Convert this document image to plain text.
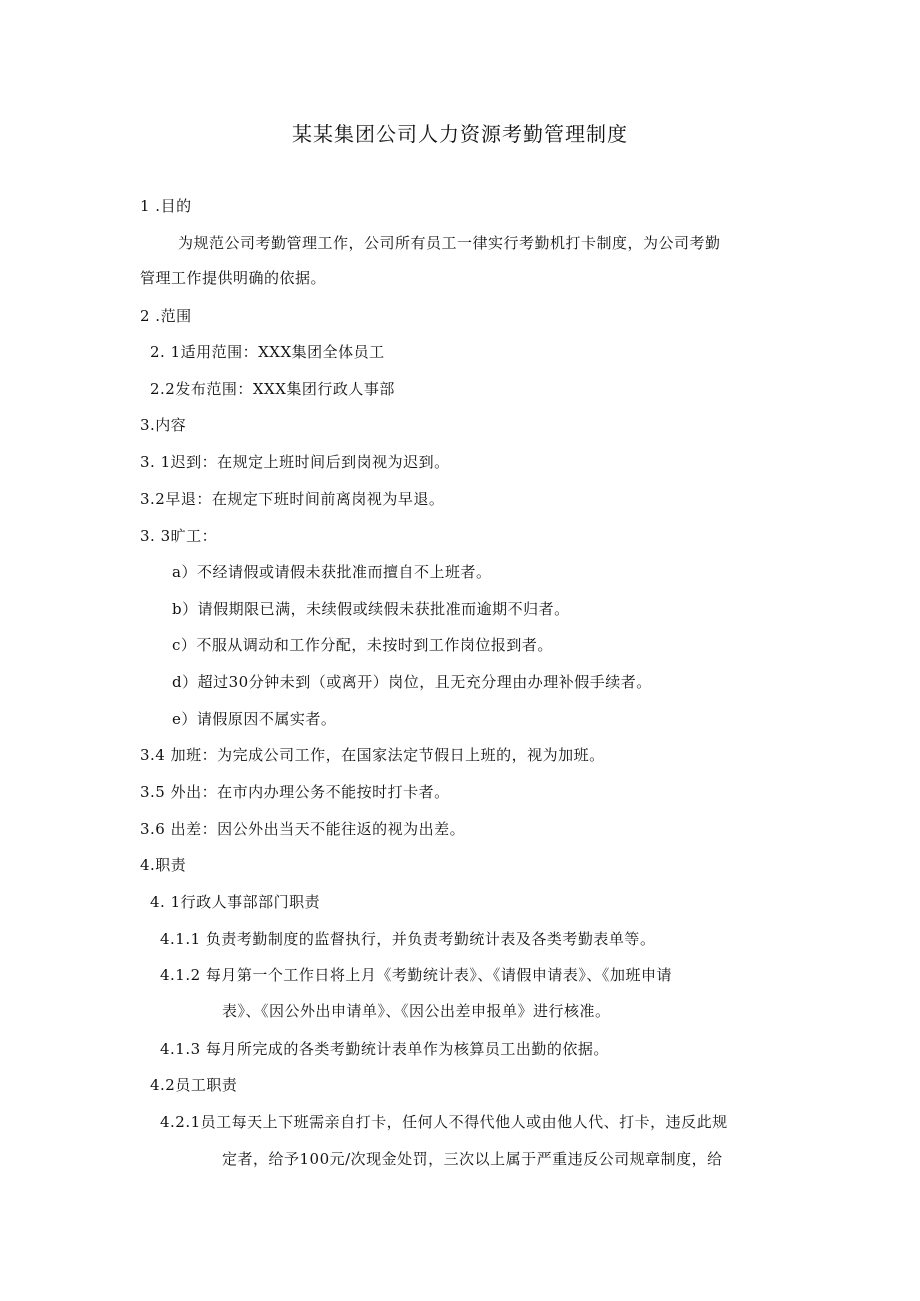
某某集团公司人力资源考勤管理制度
1 .目的
为规范公司考勤管理工作，公司所有员工一律实行考勤机打卡制度，为公司考勤
管理工作提供明确的依据。
2 .范围
2. 1适用范围：XXX集团全体员工
2.2发布范围：XXX集团行政人事部
3.内容
3. 1迟到：在规定上班时间后到岗视为迟到。
3.2早退：在规定下班时间前离岗视为早退。
3. 3旷工：
a）不经请假或请假未获批准而擅自不上班者。
b）请假期限已满，未续假或续假未获批准而逾期不归者。
c）不服从调动和工作分配，未按时到工作岗位报到者。
d）超过30分钟未到（或离开）岗位，且无充分理由办理补假手续者。
e）请假原因不属实者。
3.4 加班：为完成公司工作，在国家法定节假日上班的，视为加班。
3.5 外出：在市内办理公务不能按时打卡者。
3.6 出差：因公外出当天不能往返的视为出差。
4.职责
4. 1行政人事部部门职责
4.1.1 负责考勤制度的监督执行，并负责考勤统计表及各类考勤表单等。
4.1.2 每月第一个工作日将上月《考勤统计表》、《请假申请表》、《加班申请
表》、《因公外出申请单》、《因公出差申报单》进行核准。
4.1.3 每月所完成的各类考勤统计表单作为核算员工出勤的依据。
4.2员工职责
4.2.1员工每天上下班需亲自打卡，任何人不得代他人或由他人代、打卡，违反此规
定者，给予100元/次现金处罚，三次以上属于严重违反公司规章制度，给
